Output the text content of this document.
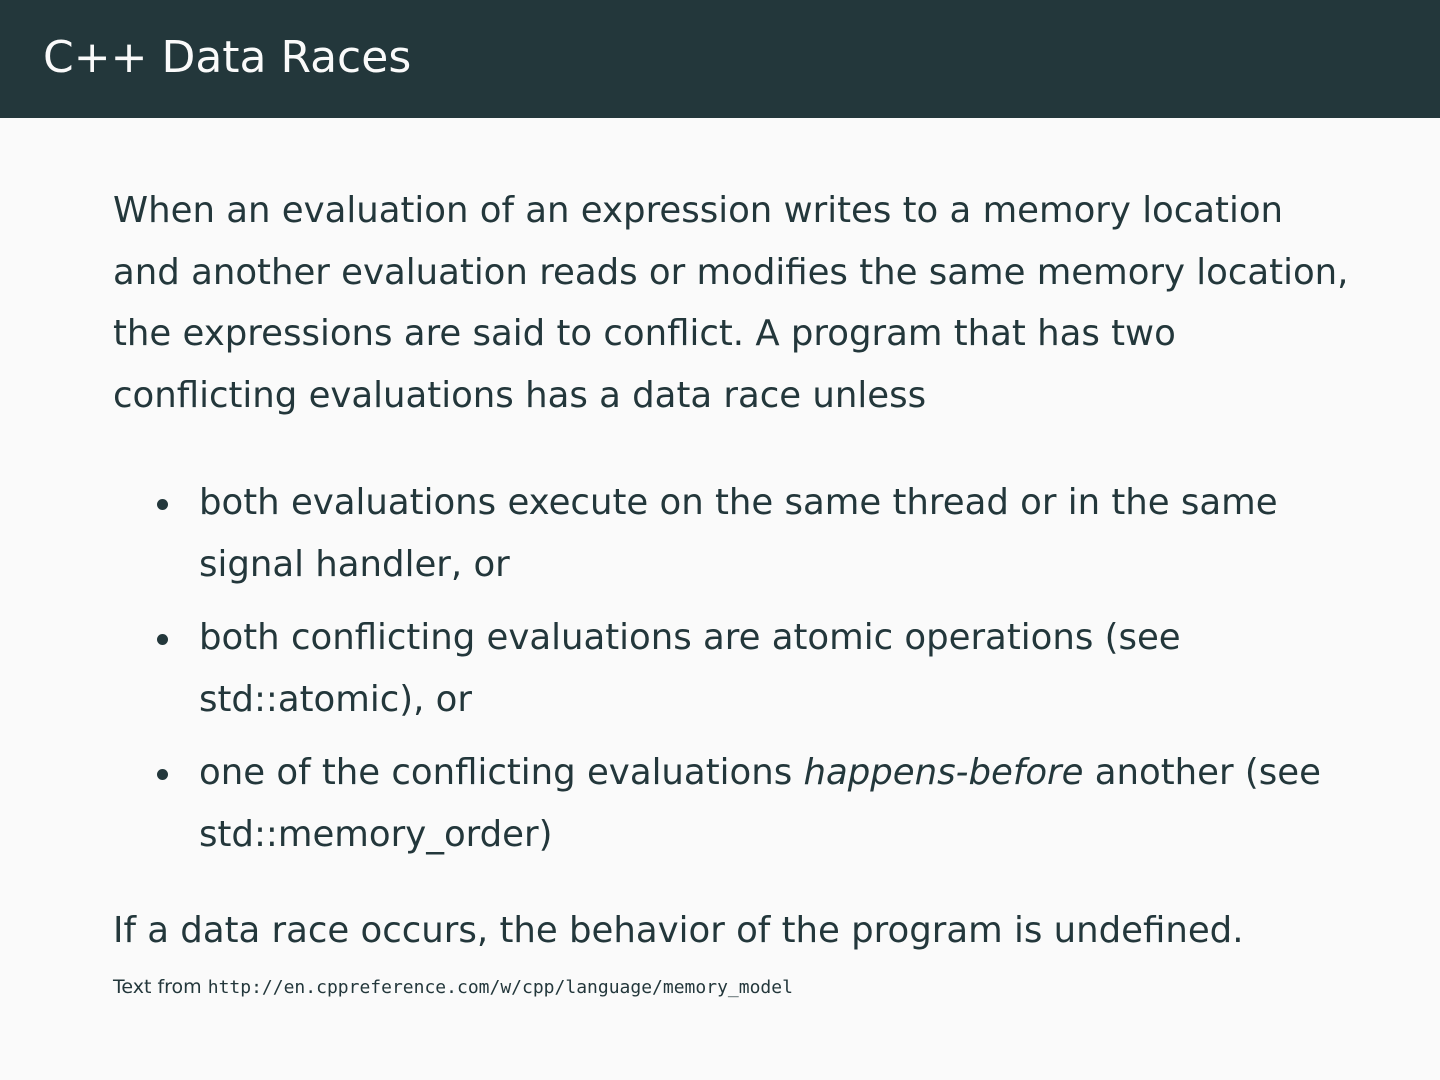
C++ Data Races

When an evaluation of an expression writes to a memory location and another evaluation reads or modifies the same memory location, the expressions are said to conflict. A program that has two conflicting evaluations has a data race unless

both evaluations execute on the same thread or in the same signal handler, or
both conflicting evaluations are atomic operations (see std::atomic), or
one of the conflicting evaluations happens-before another (see std::memory_order)

If a data race occurs, the behavior of the program is undefined.

Text from http://en.cppreference.com/w/cpp/language/memory_model
